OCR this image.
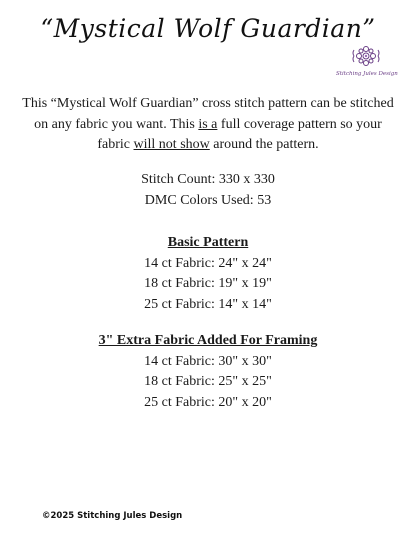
“Mystical Wolf Guardian”
Stitching Jules Design
This “Mystical Wolf Guardian” cross stitch pattern can be stitched on any fabric you want. This is a full coverage pattern so your fabric will not show around the pattern.
Stitch Count: 330 x 330
DMC Colors Used: 53
Basic Pattern
14 ct Fabric: 24" x 24"
18 ct Fabric: 19" x 19"
25 ct Fabric: 14" x 14"
3" Extra Fabric Added For Framing
14 ct Fabric: 30" x 30"
18 ct Fabric: 25" x 25"
25 ct Fabric: 20" x 20"
©2025 Stitching Jules Design
